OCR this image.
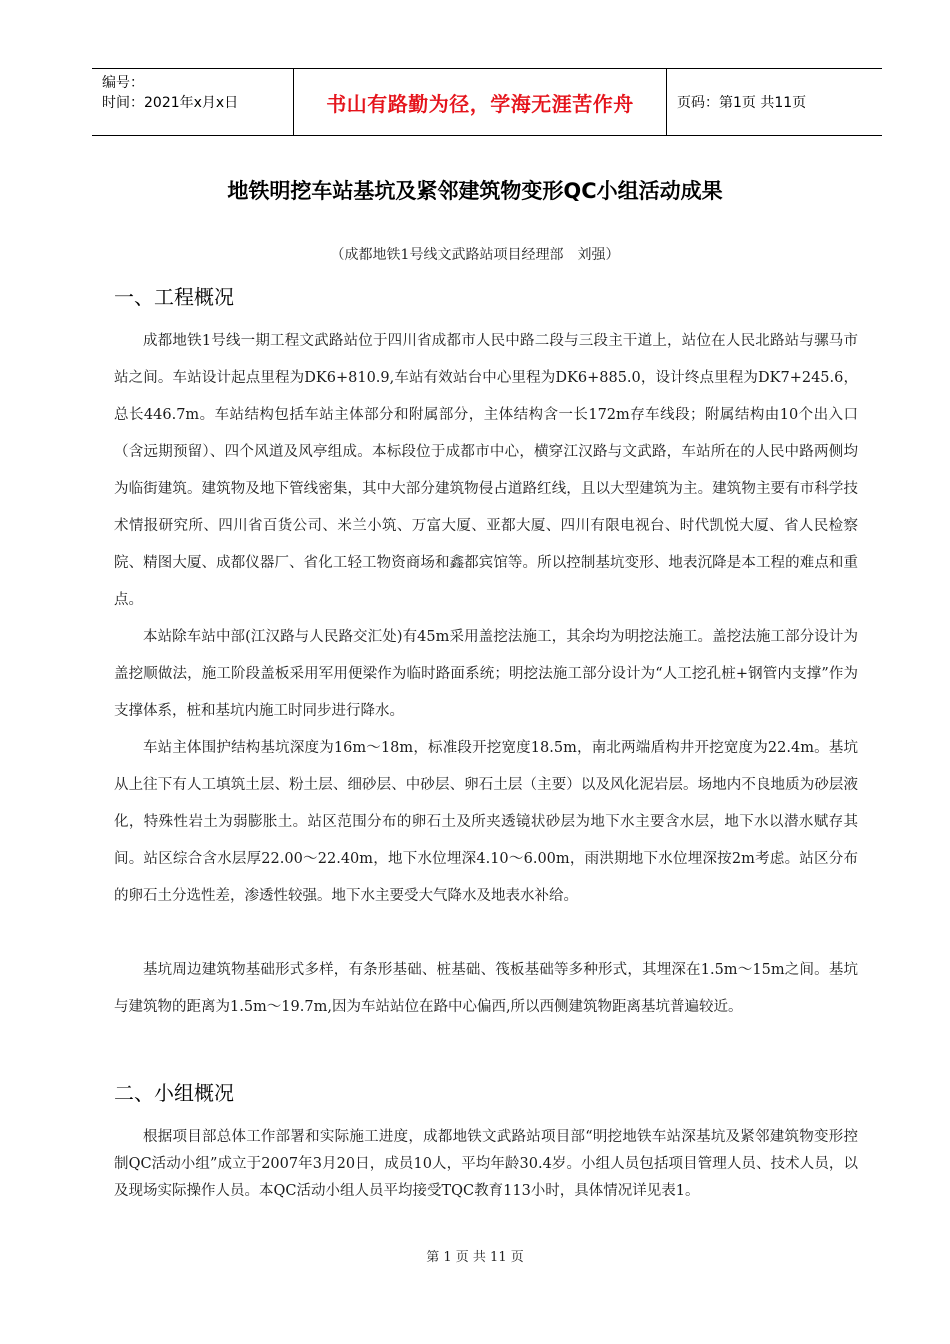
编号：
时间：2021年x月x日	书山有路勤为径，学海无涯苦作舟	页码：第1页 共11页
地铁明挖车站基坑及紧邻建筑物变形QC小组活动成果
（成都地铁1号线文武路站项目经理部　刘强）
一、工程概况

成都地铁1号线一期工程文武路站位于四川省成都市人民中路二段与三段主干道上，站位在人民北路站与骡马市站之间。车站设计起点里程为DK6+810.9,车站有效站台中心里程为DK6+885.0，设计终点里程为DK7+245.6，总长446.7m。车站结构包括车站主体部分和附属部分，主体结构含一长172m存车线段；附属结构由10个出入口（含远期预留）、四个风道及风亭组成。本标段位于成都市中心，横穿江汉路与文武路，车站所在的人民中路两侧均为临街建筑。建筑物及地下管线密集，其中大部分建筑物侵占道路红线，且以大型建筑为主。建筑物主要有市科学技术情报研究所、四川省百货公司、米兰小筑、万富大厦、亚都大厦、四川有限电视台、时代凯悦大厦、省人民检察院、精图大厦、成都仪器厂、省化工轻工物资商场和鑫都宾馆等。所以控制基坑变形、地表沉降是本工程的难点和重点。

本站除车站中部(江汉路与人民路交汇处)有45m采用盖挖法施工，其余均为明挖法施工。盖挖法施工部分设计为盖挖顺做法，施工阶段盖板采用军用便梁作为临时路面系统；明挖法施工部分设计为“人工挖孔桩+钢管内支撑”作为支撑体系，桩和基坑内施工时同步进行降水。

车站主体围护结构基坑深度为16m～18m，标准段开挖宽度18.5m，南北两端盾构井开挖宽度为22.4m。基坑从上往下有人工填筑土层、粉土层、细砂层、中砂层、卵石土层（主要）以及风化泥岩层。场地内不良地质为砂层液化，特殊性岩土为弱膨胀土。站区范围分布的卵石土及所夹透镜状砂层为地下水主要含水层，地下水以潜水赋存其间。站区综合含水层厚22.00～22.40m，地下水位埋深4.10～6.00m，雨洪期地下水位埋深按2m考虑。站区分布的卵石土分选性差，渗透性较强。地下水主要受大气降水及地表水补给。

基坑周边建筑物基础形式多样，有条形基础、桩基础、筏板基础等多种形式，其埋深在1.5m～15m之间。基坑与建筑物的距离为1.5m～19.7m,因为车站站位在路中心偏西,所以西侧建筑物距离基坑普遍较近。

二、小组概况

根据项目部总体工作部署和实际施工进度，成都地铁文武路站项目部“明挖地铁车站深基坑及紧邻建筑物变形控制QC活动小组”成立于2007年3月20日，成员10人，平均年龄30.4岁。小组人员包括项目管理人员、技术人员，以及现场实际操作人员。本QC活动小组人员平均接受TQC教育113小时，具体情况详见表1。

第 1 页 共 11 页
